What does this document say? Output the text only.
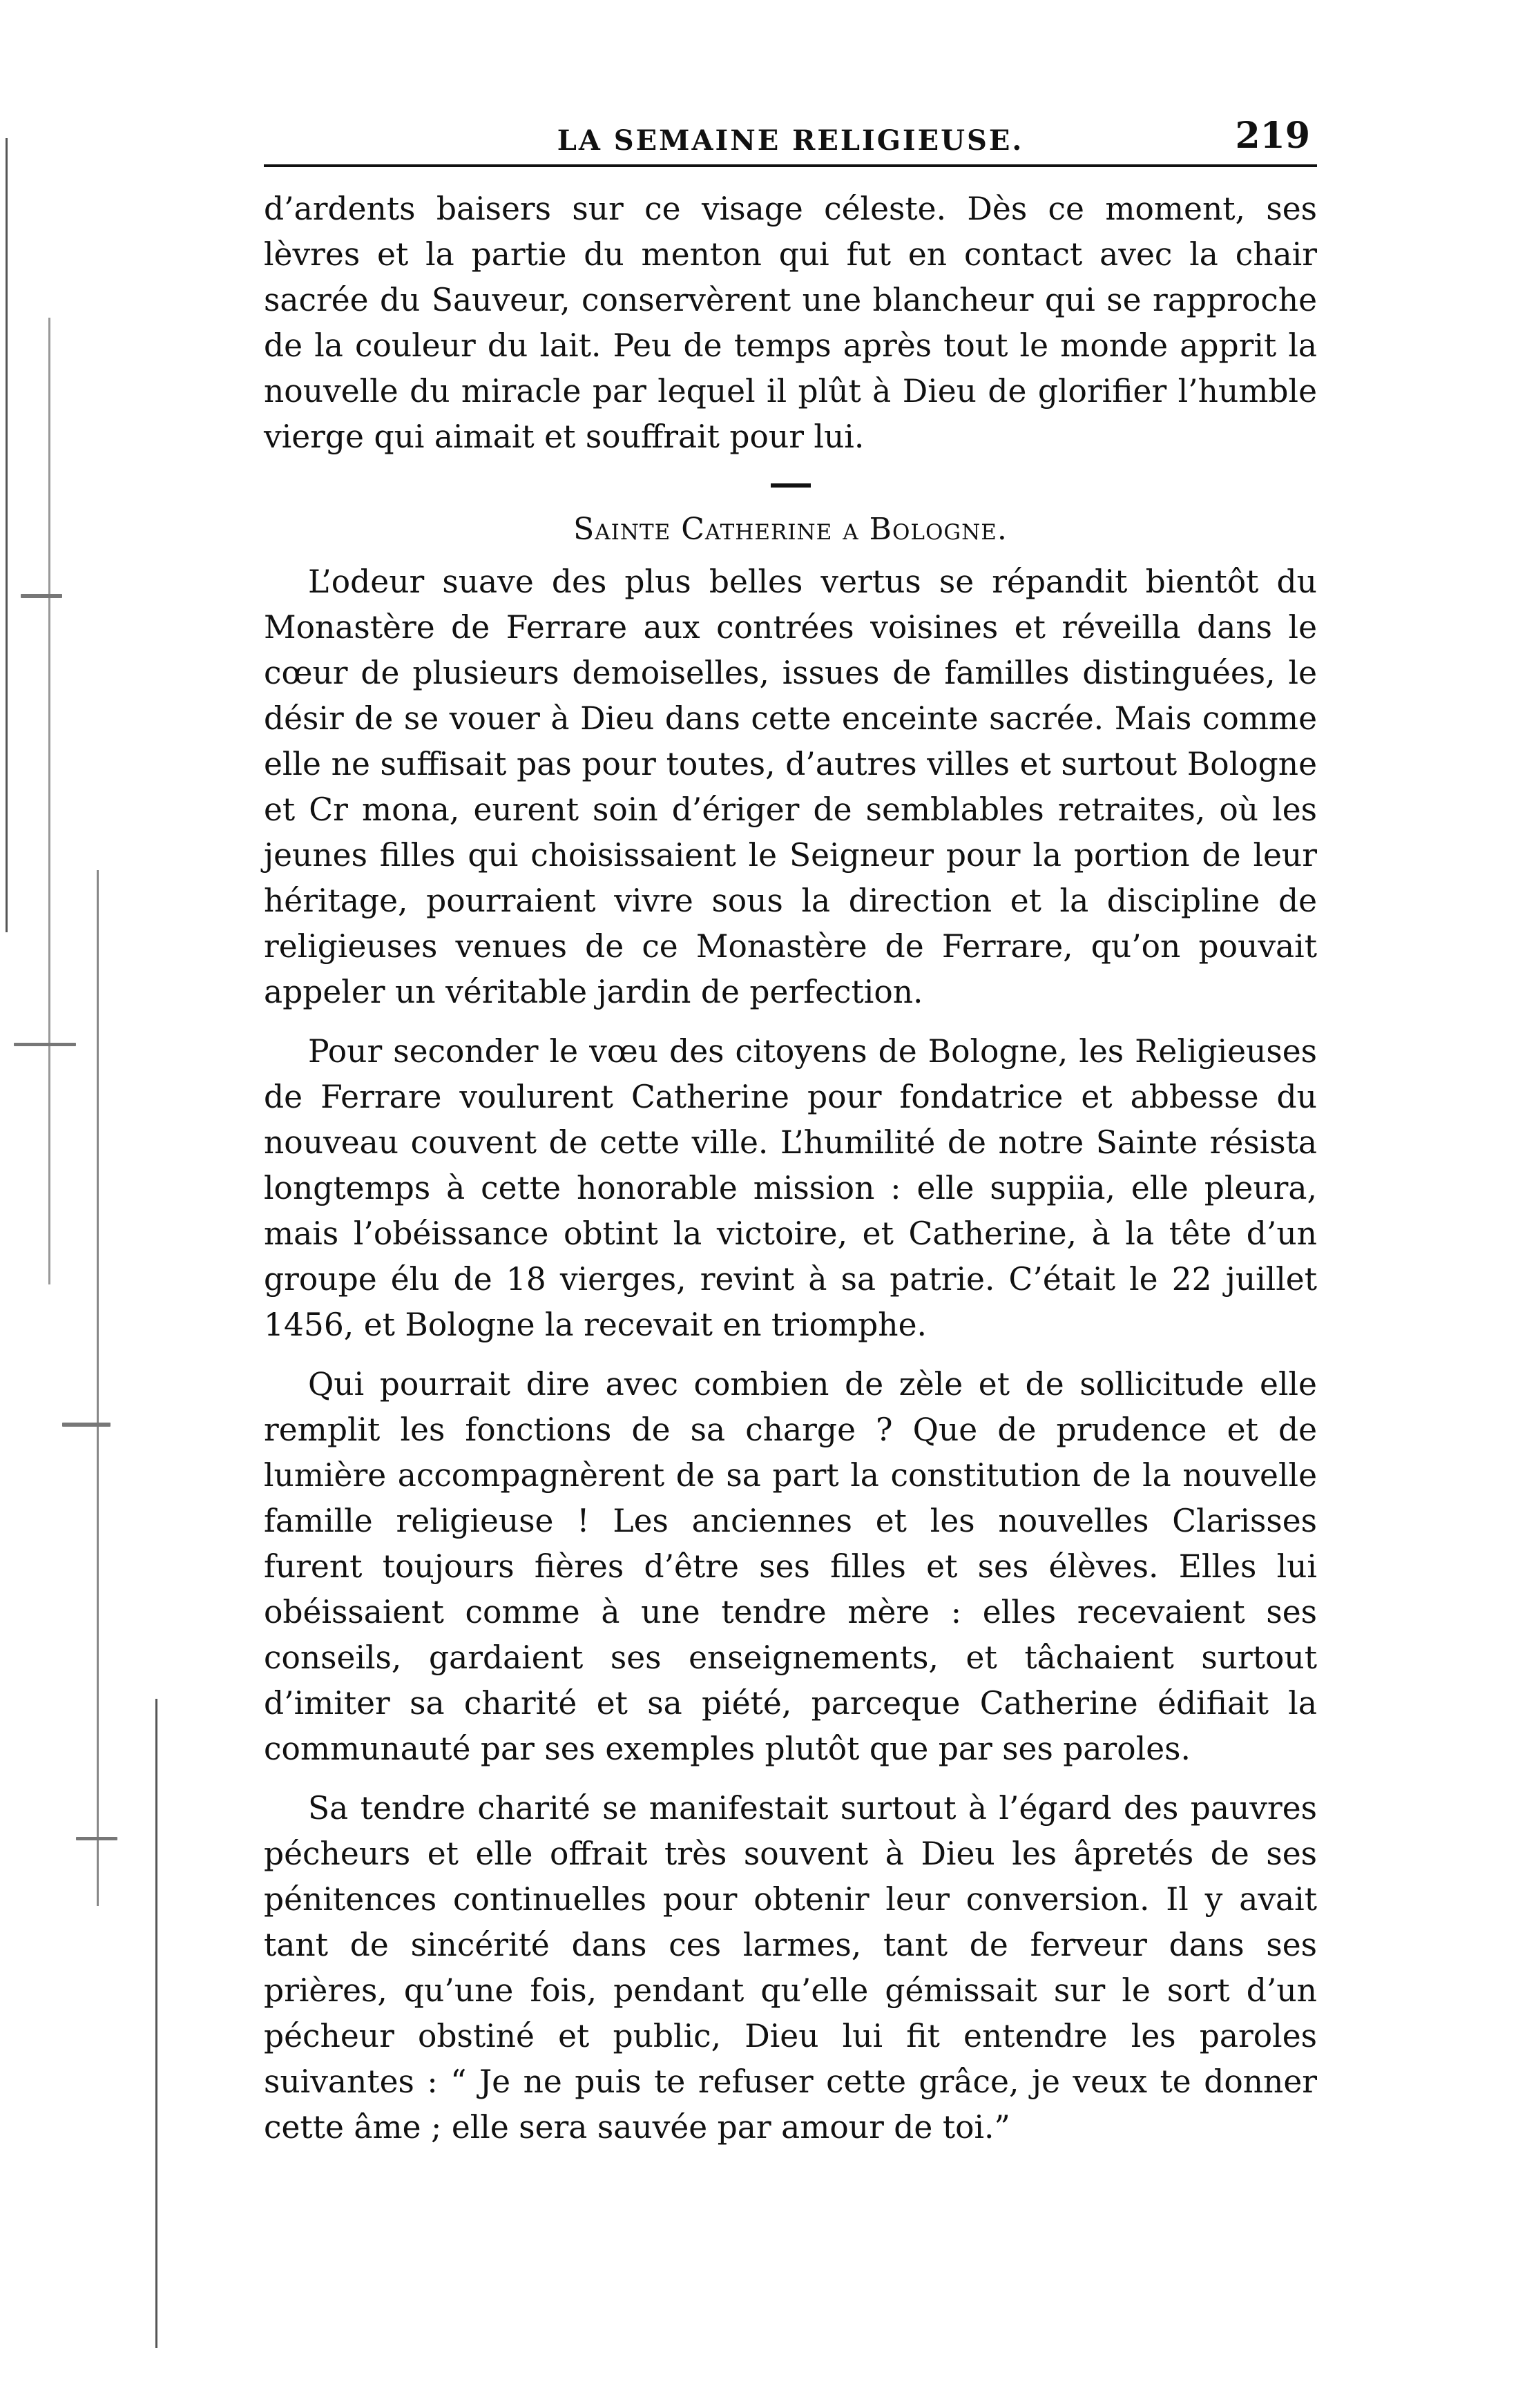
LA SEMAINE RELIGIEUSE.	219

d’ardents baisers sur ce visage céleste. Dès ce moment, ses lèvres et la partie du menton qui fut en contact avec la chair sacrée du Sauveur, conservèrent une blancheur qui se rapproche de la couleur du lait. Peu de temps après tout le monde apprit la nouvelle du miracle par lequel il plût à Dieu de glorifier l’humble vierge qui aimait et souffrait pour lui.

Sainte Catherine a Bologne.

L’odeur suave des plus belles vertus se répandit bientôt du Monastère de Ferrare aux contrées voisines et réveilla dans le cœur de plusieurs demoiselles, issues de familles distinguées, le désir de se vouer à Dieu dans cette enceinte sacrée. Mais comme elle ne suffisait pas pour toutes, d’autres villes et surtout Bologne et Cr mona, eurent soin d’ériger de semblables retraites, où les jeunes filles qui choisissaient le Seigneur pour la portion de leur héritage, pourraient vivre sous la direction et la discipline de religieuses venues de ce Monastère de Ferrare, qu’on pouvait appeler un véritable jardin de perfection.

Pour seconder le vœu des citoyens de Bologne, les Religieuses de Ferrare voulurent Catherine pour fondatrice et abbesse du nouveau couvent de cette ville. L’humilité de notre Sainte résista longtemps à cette honorable mission : elle suppiia, elle pleura, mais l’obéissance obtint la victoire, et Catherine, à la tête d’un groupe élu de 18 vierges, revint à sa patrie. C’était le 22 juillet 1456, et Bologne la recevait en triomphe.

Qui pourrait dire avec combien de zèle et de sollicitude elle remplit les fonctions de sa charge ? Que de prudence et de lumière accompagnèrent de sa part la constitution de la nouvelle famille religieuse ! Les anciennes et les nouvelles Clarisses furent toujours fières d’être ses filles et ses élèves. Elles lui obéissaient comme à une tendre mère : elles recevaient ses conseils, gardaient ses enseignements, et tâchaient surtout d’imiter sa charité et sa piété, parceque Catherine édifiait la communauté par ses exemples plutôt que par ses paroles.

Sa tendre charité se manifestait surtout à l’égard des pauvres pécheurs et elle offrait très souvent à Dieu les âpretés de ses pénitences continuelles pour obtenir leur conversion. Il y avait tant de sincérité dans ces larmes, tant de ferveur dans ses prières, qu’une fois, pendant qu’elle gémissait sur le sort d’un pécheur obstiné et public, Dieu lui fit entendre les paroles suivantes : “ Je ne puis te refuser cette grâce, je veux te donner cette âme ; elle sera sauvée par amour de toi.”
